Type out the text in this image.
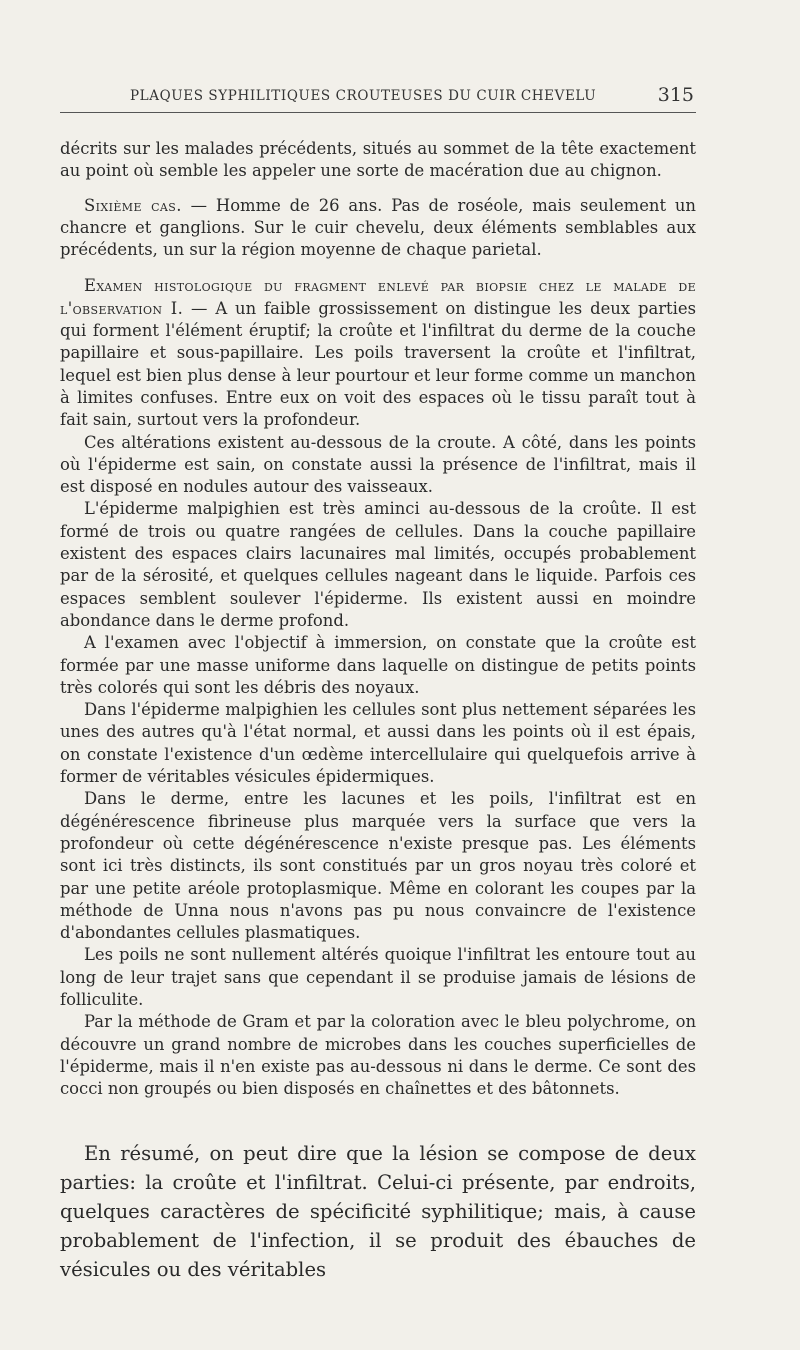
PLAQUES SYPHILITIQUES CROUTEUSES DU CUIR CHEVELU	315

décrits sur les malades précédents, situés au sommet de la tête exactement au point où semble les appeler une sorte de macération due au chignon.

Sixième cas. — Homme de 26 ans. Pas de roséole, mais seulement un chancre et ganglions. Sur le cuir chevelu, deux éléments semblables aux précédents, un sur la région moyenne de chaque parietal.

Examen histologique du fragment enlevé par biopsie chez le malade de l'observation I. — A un faible grossissement on distingue les deux parties qui forment l'élément éruptif; la croûte et l'infiltrat du derme de la couche papillaire et sous-papillaire. Les poils traversent la croûte et l'infiltrat, lequel est bien plus dense à leur pourtour et leur forme comme un manchon à limites confuses. Entre eux on voit des espaces où le tissu paraît tout à fait sain, surtout vers la profondeur.

Ces altérations existent au-dessous de la croute. A côté, dans les points où l'épiderme est sain, on constate aussi la présence de l'infiltrat, mais il est disposé en nodules autour des vaisseaux.

L'épiderme malpighien est très aminci au-dessous de la croûte. Il est formé de trois ou quatre rangées de cellules. Dans la couche papillaire existent des espaces clairs lacunaires mal limités, occupés probablement par de la sérosité, et quelques cellules nageant dans le liquide. Parfois ces espaces semblent soulever l'épiderme. Ils existent aussi en moindre abondance dans le derme profond.

A l'examen avec l'objectif à immersion, on constate que la croûte est formée par une masse uniforme dans laquelle on distingue de petits points très colorés qui sont les débris des noyaux.

Dans l'épiderme malpighien les cellules sont plus nettement séparées les unes des autres qu'à l'état normal, et aussi dans les points où il est épais, on constate l'existence d'un œdème intercellulaire qui quelquefois arrive à former de véritables vésicules épidermiques.

Dans le derme, entre les lacunes et les poils, l'infiltrat est en dégénérescence fibrineuse plus marquée vers la surface que vers la profondeur où cette dégénérescence n'existe presque pas. Les éléments sont ici très distincts, ils sont constitués par un gros noyau très coloré et par une petite aréole protoplasmique. Même en colorant les coupes par la méthode de Unna nous n'avons pas pu nous convaincre de l'existence d'abondantes cellules plasmatiques.

Les poils ne sont nullement altérés quoique l'infiltrat les entoure tout au long de leur trajet sans que cependant il se produise jamais de lésions de folliculite.

Par la méthode de Gram et par la coloration avec le bleu polychrome, on découvre un grand nombre de microbes dans les couches superficielles de l'épiderme, mais il n'en existe pas au-dessous ni dans le derme. Ce sont des cocci non groupés ou bien disposés en chaînettes et des bâtonnets.

En résumé, on peut dire que la lésion se compose de deux parties: la croûte et l'infiltrat. Celui-ci présente, par endroits, quelques caractères de spécificité syphilitique; mais, à cause probablement de l'infection, il se produit des ébauches de vésicules ou des véritables
